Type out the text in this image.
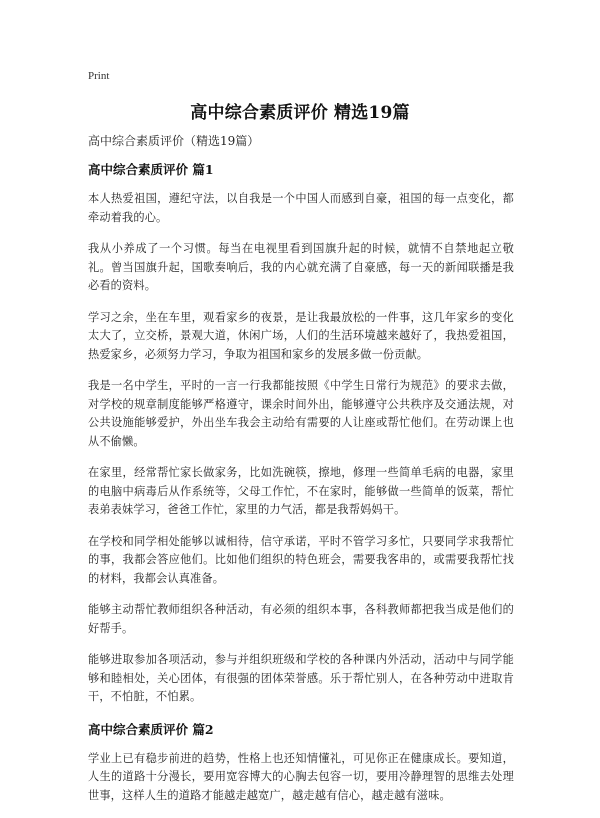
Print
高中综合素质评价 精选19篇
高中综合素质评价（精选19篇）
高中综合素质评价 篇1

本人热爱祖国，遵纪守法，以自我是一个中国人而感到自豪，祖国的每一点变化，都牵动着我的心。

我从小养成了一个习惯。每当在电视里看到国旗升起的时候，就情不自禁地起立敬礼。曾当国旗升起，国歌奏响后，我的内心就充满了自豪感，每一天的新闻联播是我必看的资料。

学习之余，坐在车里，观看家乡的夜景，是让我最放松的一件事，这几年家乡的变化太大了，立交桥，景观大道，休闲广场，人们的生活环境越来越好了，我热爱祖国，热爱家乡，必须努力学习，争取为祖国和家乡的发展多做一份贡献。

我是一名中学生，平时的一言一行我都能按照《中学生日常行为规范》的要求去做，对学校的规章制度能够严格遵守，课余时间外出，能够遵守公共秩序及交通法规，对公共设施能够爱护，外出坐车我会主动给有需要的人让座或帮忙他们。在劳动课上也从不偷懒。

在家里，经常帮忙家长做家务，比如洗碗筷，擦地，修理一些简单毛病的电器，家里的电脑中病毒后从作系统等，父母工作忙，不在家时，能够做一些简单的饭菜，帮忙表弟表妹学习，爸爸工作忙，家里的力气活，都是我帮妈妈干。

在学校和同学相处能够以诚相待，信守承诺，平时不管学习多忙，只要同学求我帮忙的事，我都会答应他们。比如他们组织的特色班会，需要我客串的，或需要我帮忙找的材料，我都会认真准备。

能够主动帮忙教师组织各种活动，有必须的组织本事，各科教师都把我当成是他们的好帮手。

能够进取参加各项活动，参与并组织班级和学校的各种课内外活动，活动中与同学能够和睦相处，关心团体，有很强的团体荣誉感。乐于帮忙别人，在各种劳动中进取肯干，不怕脏，不怕累。

高中综合素质评价 篇2

学业上已有稳步前进的趋势，性格上也还知情懂礼，可见你正在健康成长。要知道，人生的道路十分漫长，要用宽容博大的心胸去包容一切，要用冷静理智的思维去处理世事，这样人生的道路才能越走越宽广，越走越有信心，越走越有滋味。
